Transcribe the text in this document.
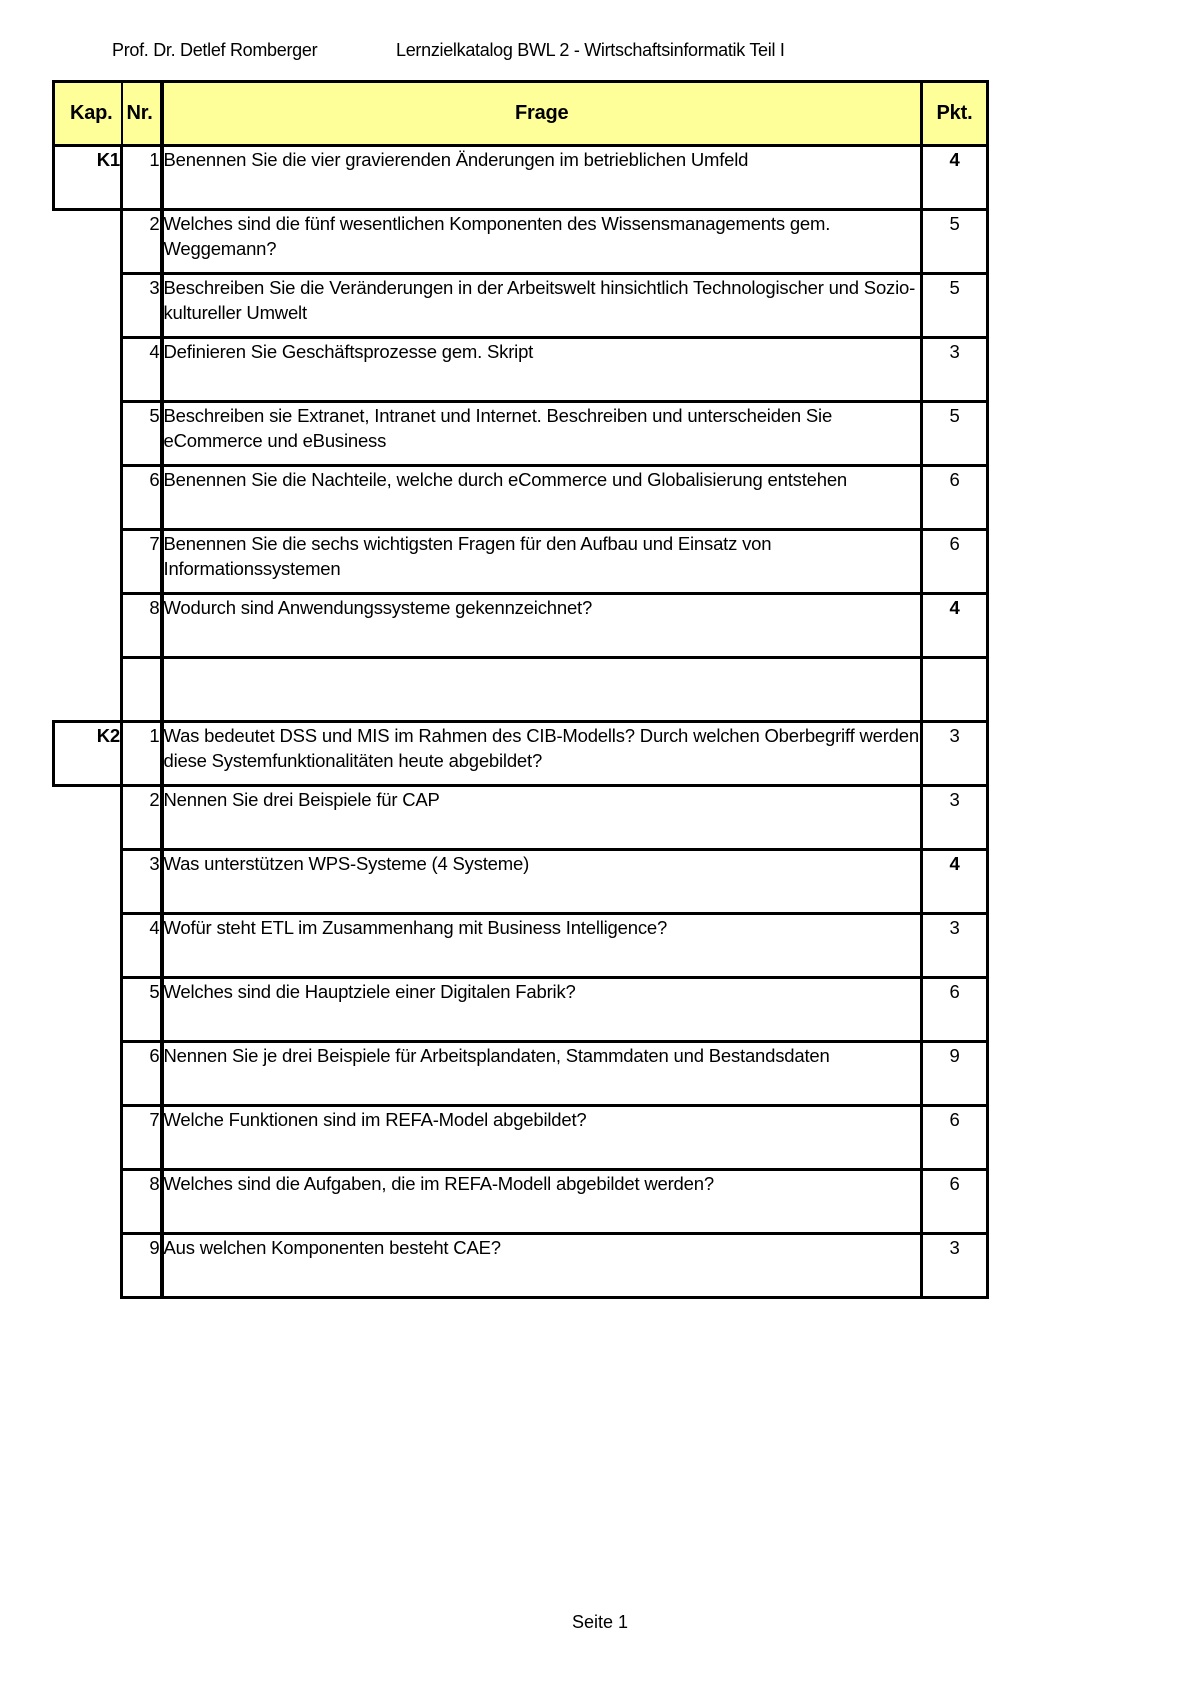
Prof. Dr. Detlef Romberger	Lernzielkatalog BWL 2 - Wirtschaftsinformatik Teil I
Kap.	Nr.	Frage	Pkt.
K1	1	Benennen Sie die vier gravierenden Änderungen im betrieblichen Umfeld	4
	2	Welches sind die fünf wesentlichen Komponenten des Wissensmanagements gem. Weggemann?	5
	3	Beschreiben Sie die Veränderungen in der Arbeitswelt hinsichtlich Technologischer und Sozio-kultureller Umwelt	5
	4	Definieren Sie Geschäftsprozesse gem. Skript	3
	5	Beschreiben sie Extranet, Intranet und Internet. Beschreiben und unterscheiden Sie eCommerce und eBusiness	5
	6	Benennen Sie die Nachteile, welche durch eCommerce und Globalisierung entstehen	6
	7	Benennen Sie die sechs wichtigsten Fragen für den Aufbau und Einsatz von Informationssystemen	6
	8	Wodurch sind Anwendungssysteme gekennzeichnet?	4

K2	1	Was bedeutet DSS und MIS im Rahmen des CIB-Modells? Durch welchen Oberbegriff werden diese Systemfunktionalitäten heute abgebildet?	3
	2	Nennen Sie drei Beispiele für CAP	3
	3	Was unterstützen WPS-Systeme (4 Systeme)	4
	4	Wofür steht ETL im Zusammenhang mit Business Intelligence?	3
	5	Welches sind die Hauptziele einer Digitalen Fabrik?	6
	6	Nennen Sie je drei Beispiele für Arbeitsplandaten, Stammdaten und Bestandsdaten	9
	7	Welche Funktionen sind im REFA-Model abgebildet?	6
	8	Welches sind die Aufgaben, die im REFA-Modell abgebildet werden?	6
	9	Aus welchen Komponenten besteht CAE?	3
Seite 1
